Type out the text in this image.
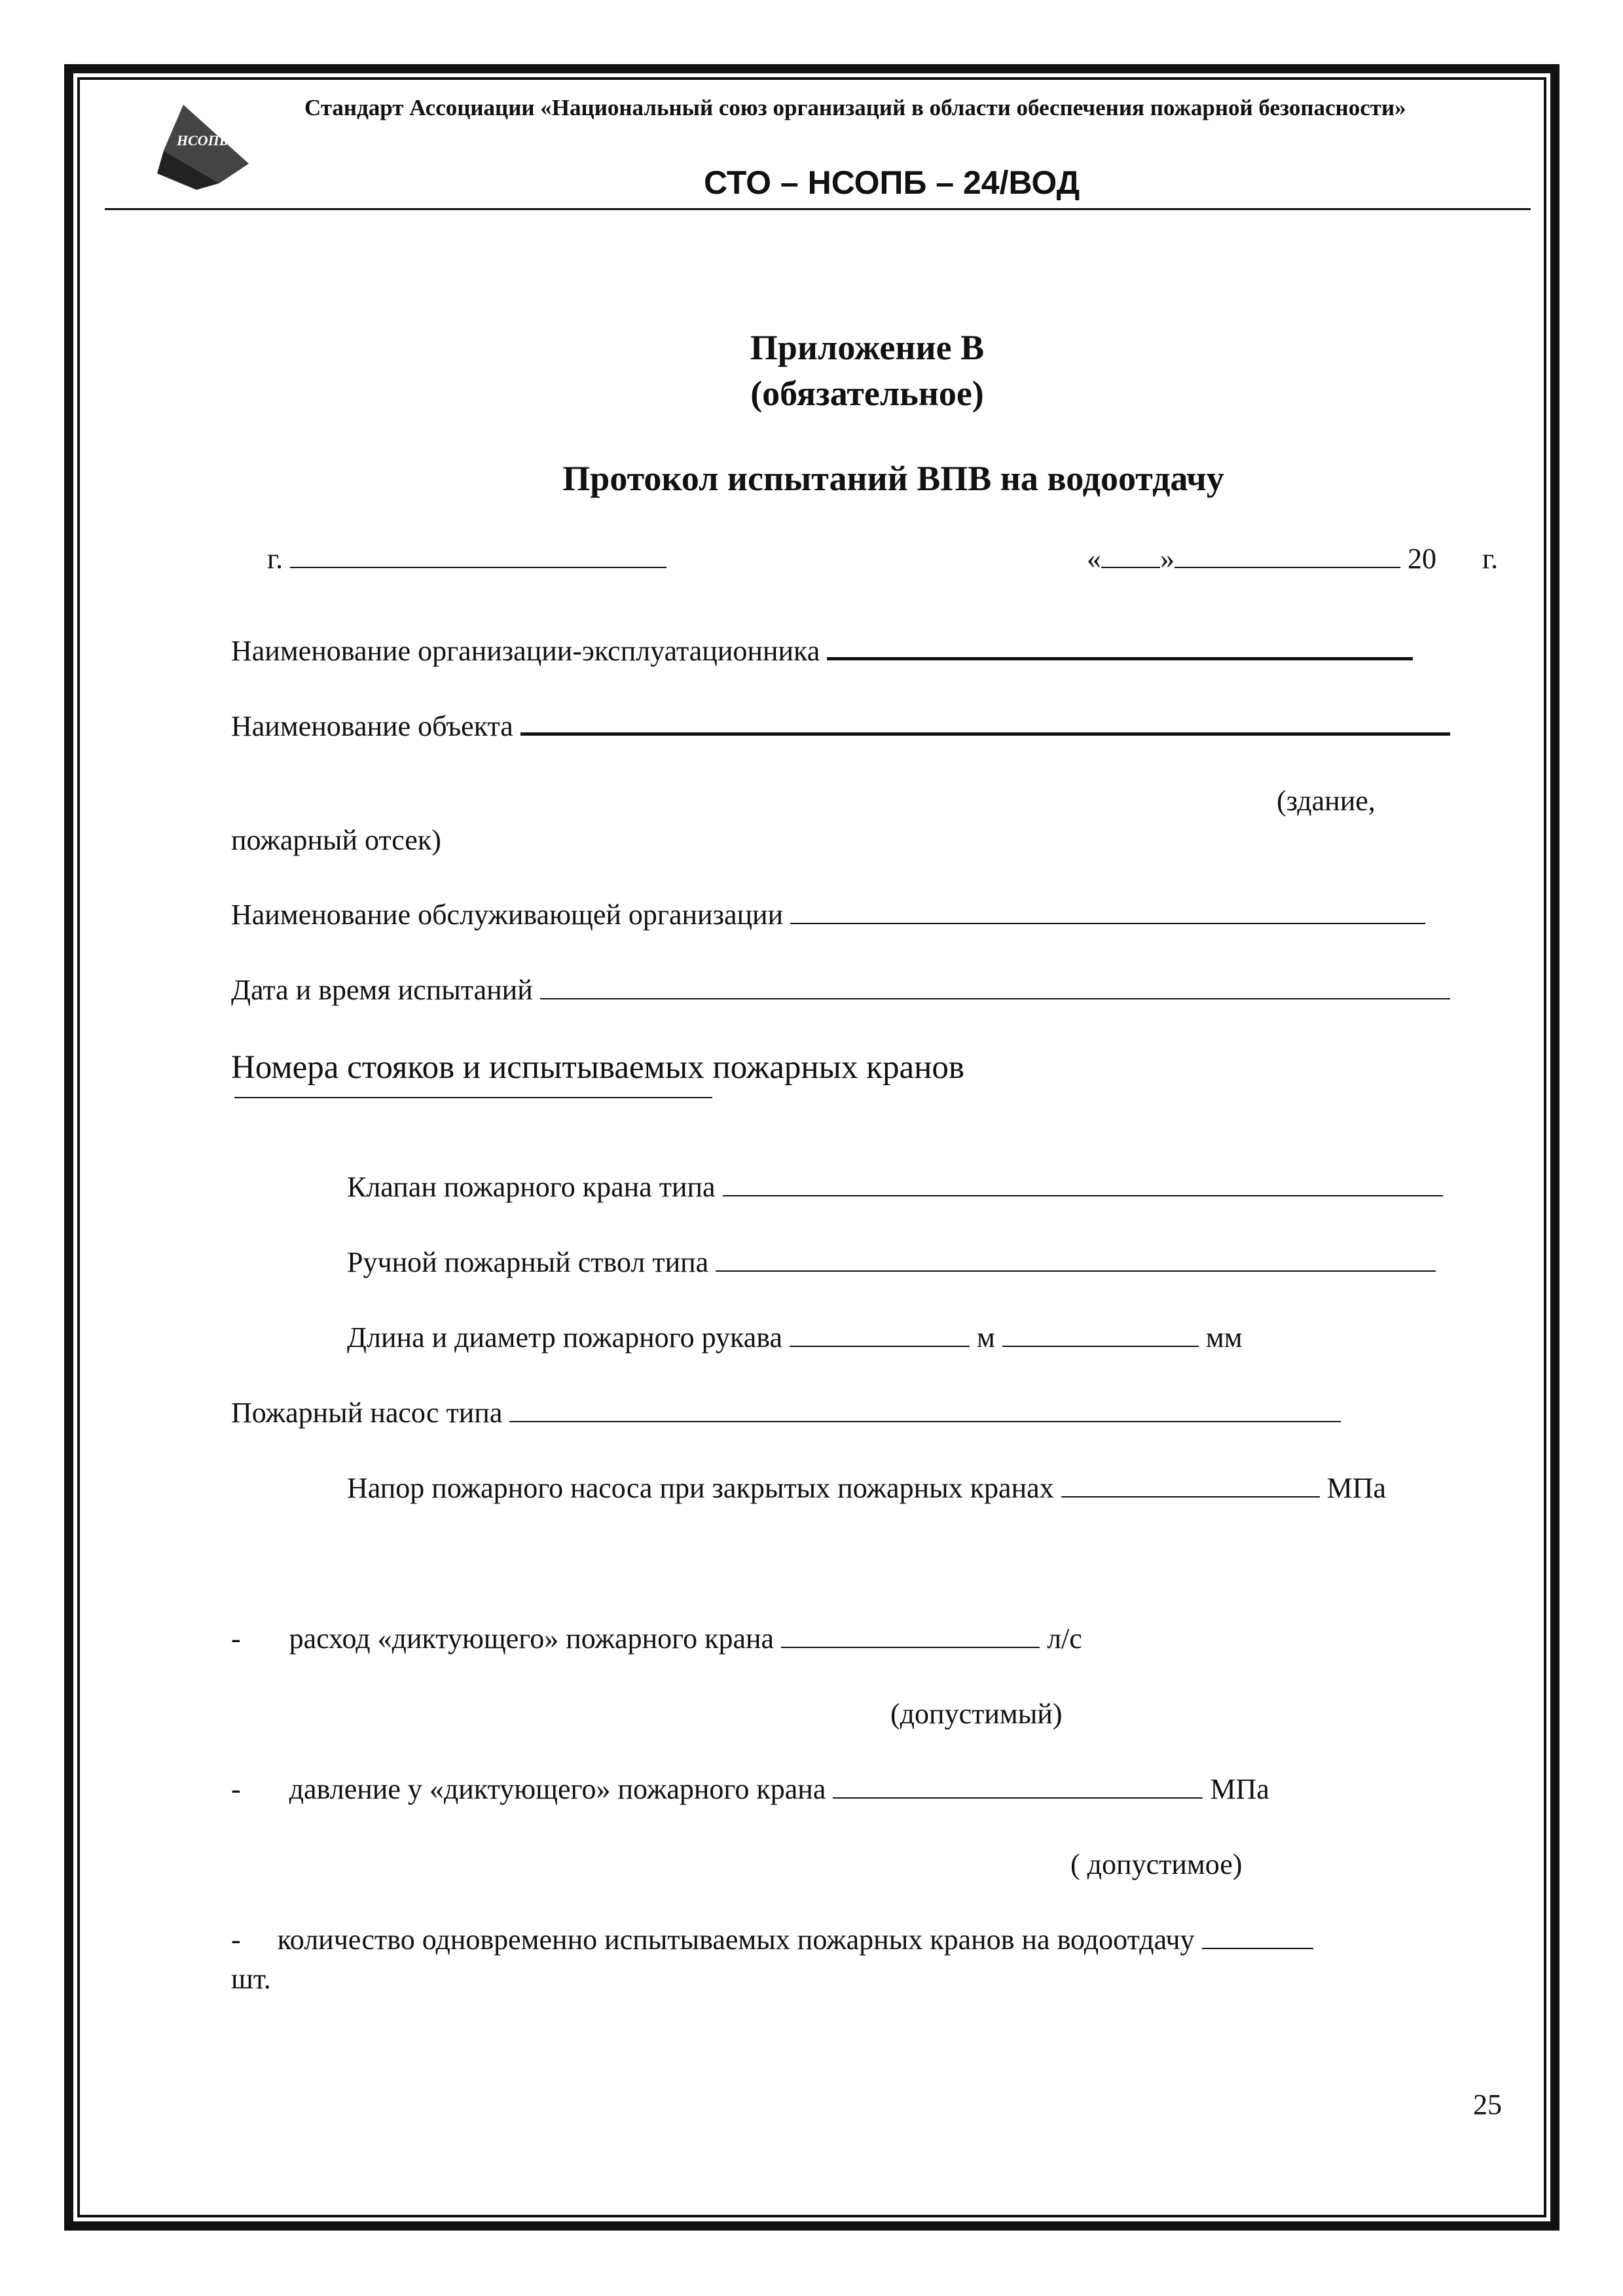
НСОПБ
Стандарт Ассоциации «Национальный союз организаций в области обеспечения пожарной безопасности»
СТО – НСОПБ – 24/ВОД
Приложение В
(обязательное)
Протокол испытаний ВПВ на водоотдачу
г.	« »	20 г.
Наименование организации-эксплуатационника
Наименование объекта
(здание,
пожарный отсек)
Наименование обслуживающей организации
Дата и время испытаний
Номера стояков и испытываемых пожарных кранов
Клапан пожарного крана типа
Ручной пожарный ствол типа
Длина и диаметр пожарного рукава	м	мм
Пожарный насос типа
Напор пожарного насоса при закрытых пожарных кранах	МПа
- расход «диктующего» пожарного крана	л/с
(допустимый)
- давление у «диктующего» пожарного крана	МПа
( допустимое)
- количество одновременно испытываемых пожарных кранов на водоотдачу
шт.
25
